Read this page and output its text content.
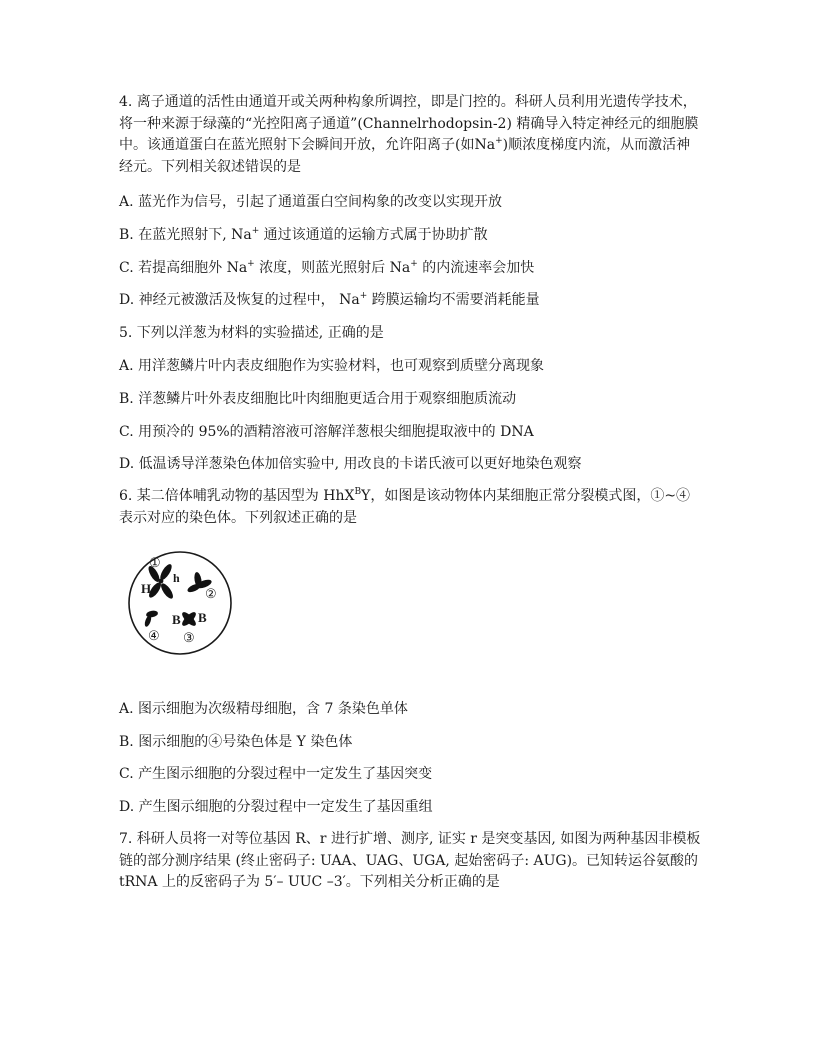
4. 离子通道的活性由通道开或关两种构象所调控，即是门控的。科研人员利用光遗传学技术，将一种来源于绿藻的“光控阳离子通道”(Channelrhodopsin-2) 精确导入特定神经元的细胞膜中。该通道蛋白在蓝光照射下会瞬间开放，允许阳离子(如Na+)顺浓度梯度内流，从而激活神经元。下列相关叙述错误的是

A. 蓝光作为信号，引起了通道蛋白空间构象的改变以实现开放

B. 在蓝光照射下, Na+ 通过该通道的运输方式属于协助扩散

C. 若提高细胞外 Na+ 浓度，则蓝光照射后 Na+ 的内流速率会加快

D. 神经元被激活及恢复的过程中， Na+ 跨膜运输均不需要消耗能量

5. 下列以洋葱为材料的实验描述, 正确的是

A. 用洋葱鳞片叶内表皮细胞作为实验材料，也可观察到质壁分离现象

B. 洋葱鳞片叶外表皮细胞比叶肉细胞更适合用于观察细胞质流动

C. 用预冷的 95%的酒精溶液可溶解洋葱根尖细胞提取液中的 DNA

D. 低温诱导洋葱染色体加倍实验中, 用改良的卡诺氏液可以更好地染色观察

6. 某二倍体哺乳动物的基因型为 HhX$^B$Y，如图是该动物体内某细胞正常分裂模式图，①~④表示对应的染色体。下列叙述正确的是

①
H
h
②
④
B B
③

A. 图示细胞为次级精母细胞，含 7 条染色单体

B. 图示细胞的④号染色体是 Y 染色体

C. 产生图示细胞的分裂过程中一定发生了基因突变

D. 产生图示细胞的分裂过程中一定发生了基因重组

7. 科研人员将一对等位基因 R、r 进行扩增、测序, 证实 r 是突变基因, 如图为两种基因非模板链的部分测序结果 (终止密码子: UAA、UAG、UGA, 起始密码子: AUG)。已知转运谷氨酸的 tRNA 上的反密码子为 5′– UUC –3′。下列相关分析正确的是
